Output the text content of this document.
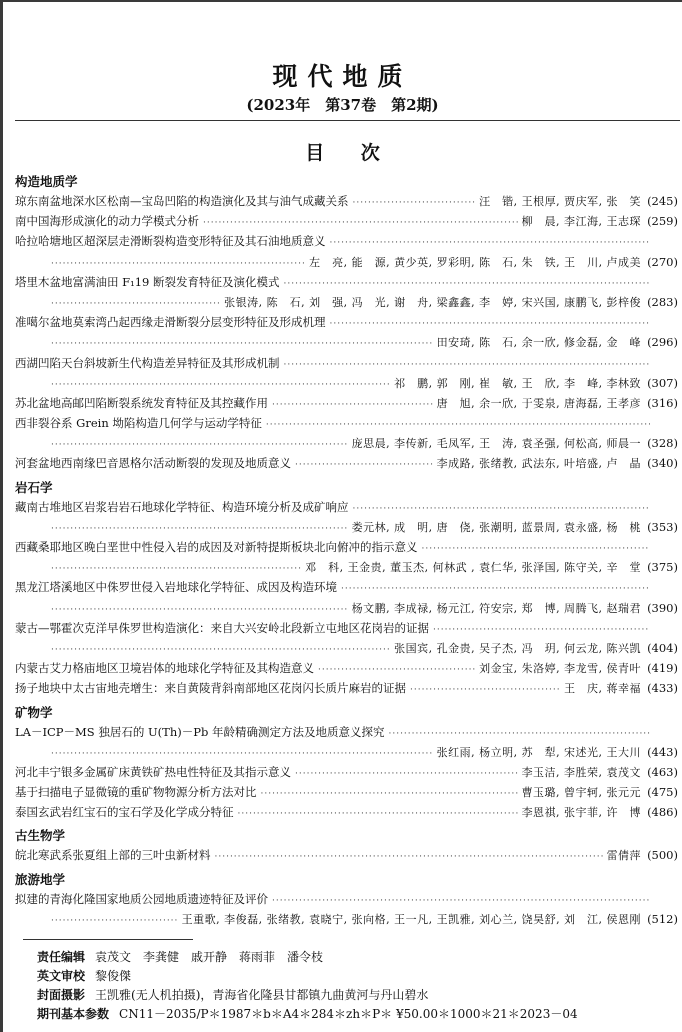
现代地质
(2023年　第37卷　第2期)
目 次
构造地质学
琼东南盆地深水区松南—宝岛凹陷的构造演化及其与油气成藏关系 ·····	汪　锴, 王根厚, 贾庆军, 张　笑 (245)
南中国海形成演化的动力学模式分析 ·····	柳　晨, 李江海, 王志琛 (259)
哈拉哈塘地区超深层走滑断裂构造变形特征及其石油地质意义
·····
·····
左　亮, 能　源, 黄少英, 罗彩明, 陈　石, 朱　铁, 王　川, 卢成美 (270)
塔里木盆地富满油田 F₁19 断裂发育特征及演化模式
·····
·····
张银涛, 陈　石, 刘　强, 冯　光, 谢　舟, 梁鑫鑫, 李　婷, 宋兴国, 康鹏飞, 彭梓俊 (283)
准噶尔盆地莫索湾凸起西缘走滑断裂分层变形特征及形成机理
·····
·····
田安琦, 陈　石, 余一欣, 修金磊, 金　峰 (296)
西湖凹陷天台斜坡新生代构造差异特征及其形成机制
·····
·····
祁　鹏, 郭　刚, 崔　敏, 王　欣, 李　峰, 李林致 (307)
苏北盆地高邮凹陷断裂系统发育特征及其控藏作用 ·····	唐　旭, 余一欣, 于雯泉, 唐海磊, 王孝彦 (316)
西非裂谷系 Grein 坳陷构造几何学与运动学特征
·····
·····
庞思晨, 李传新, 毛凤军, 王　涛, 袁圣强, 何松高, 师晨一 (328)
河套盆地西南缘巴音恩格尔活动断裂的发现及地质意义 ·····	李成路, 张绪教, 武法东, 叶培盛, 卢　晶 (340)
岩石学
藏南古堆地区岩浆岩岩石地球化学特征、构造环境分析及成矿响应
·····
·····
娄元林, 成　明, 唐　侥, 张潮明, 蓝景周, 袁永盛, 杨　桃 (353)
西藏桑耶地区晚白垩世中性侵入岩的成因及对新特提斯板块北向俯冲的指示意义
·····
·····
邓　科, 王金贵, 董玉杰, 何林武 , 袁仁华, 张泽国, 陈守关, 辛　堂 (375)
黑龙江塔溪地区中侏罗世侵入岩地球化学特征、成因及构造环境
·····
·····
杨文鹏, 李成禄, 杨元江, 符安宗, 郑　博, 周腾飞, 赵瑞君 (390)
蒙古—鄂霍次克洋早侏罗世构造演化：来自大兴安岭北段新立屯地区花岗岩的证据
·····
·····
张国宾, 孔金贵, 吴子杰, 冯　玥, 何云龙, 陈兴凯 (404)
内蒙古艾力格庙地区卫境岩体的地球化学特征及其构造意义 ·····	刘金宝, 朱洛婷, 李龙雪, 侯青叶 (419)
扬子地块中太古宙地壳增生：来自黄陵背斜南部地区花岗闪长质片麻岩的证据 ·····	王　庆, 蒋幸福 (433)
矿物学
LA－ICP－MS 独居石的 U(Th)－Pb 年龄精确测定方法及地质意义探究
·····
·····
张红雨, 杨立明, 苏　犁, 宋述光, 王大川 (443)
河北丰宁银多金属矿床黄铁矿热电性特征及其指示意义 ·····	李玉洁, 李胜荣, 袁茂文 (463)
基于扫描电子显微镜的重矿物物源分析方法对比 ·····	曹玉璐, 曾宇轲, 张元元 (475)
泰国玄武岩红宝石的宝石学及化学成分特征 ·····	李恩祺, 张宇菲, 许　博 (486)
古生物学
皖北寒武系张夏组上部的三叶虫新材料 ·····	雷倩萍 (500)
旅游地学
拟建的青海化隆国家地质公园地质遗迹特征及评价
·····
·····
王重歌, 李俊磊, 张绪教, 袁晓宁, 张向格, 王一凡, 王凯雅, 刘心兰, 饶昊舒, 刘　江, 侯恩刚 (512)
责任编辑 袁茂文　李龚健　戚开静　蒋雨菲　潘令枝
英文审校 黎俊傑
封面摄影 王凯雅(无人机拍摄)，青海省化隆县甘都镇九曲黄河与丹山碧水
期刊基本参数 CN11－2035/P＊1987＊b＊A4＊284＊zh＊P＊ ¥50.00＊1000＊21＊2023－04
